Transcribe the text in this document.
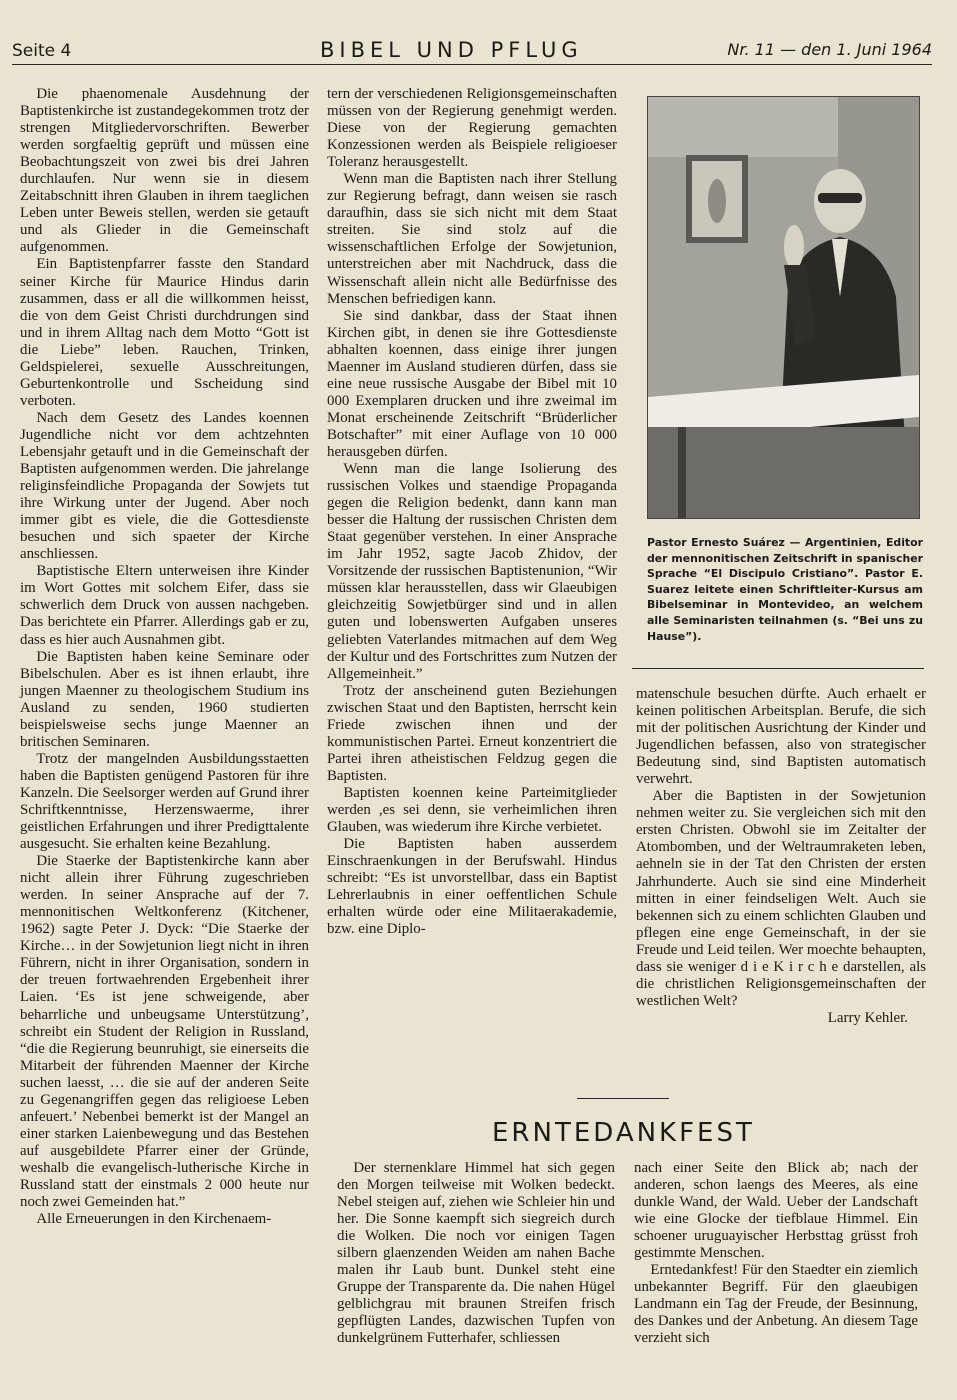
Seite 4	BIBEL UND PFLUG	Nr. 11 — den 1. Juni 1964

Die phaenomenale Ausdehnung der Baptistenkirche ist zustandegekommen trotz der strengen Mitgliedervorschriften. Bewerber werden sorgfaeltig geprüft und müssen eine Beobachtungszeit von zwei bis drei Jahren durchlaufen. Nur wenn sie in diesem Zeitabschnitt ihren Glauben in ihrem taeglichen Leben unter Beweis stellen, werden sie getauft und als Glieder in die Gemeinschaft aufgenommen.

Ein Baptistenpfarrer fasste den Standard seiner Kirche für Maurice Hindus darin zusammen, dass er all die willkommen heisst, die von dem Geist Christi durchdrungen sind und in ihrem Alltag nach dem Motto “Gott ist die Liebe” leben. Rauchen, Trinken, Geldspielerei, sexuelle Ausschreitungen, Geburtenkontrolle und Sscheidung sind verboten.

Nach dem Gesetz des Landes koennen Jugendliche nicht vor dem achtzehnten Lebensjahr getauft und in die Gemeinschaft der Baptisten aufgenommen werden. Die jahrelange religinsfeindliche Propaganda der Sowjets tut ihre Wirkung unter der Jugend. Aber noch immer gibt es viele, die die Gottesdienste besuchen und sich spaeter der Kirche anschliessen.

Baptistische Eltern unterweisen ihre Kinder im Wort Gottes mit solchem Eifer, dass sie schwerlich dem Druck von aussen nachgeben. Das berichtete ein Pfarrer. Allerdings gab er zu, dass es hier auch Ausnahmen gibt.

Die Baptisten haben keine Seminare oder Bibelschulen. Aber es ist ihnen erlaubt, ihre jungen Maenner zu theologischem Studium ins Ausland zu senden, 1960 studierten beispielsweise sechs junge Maenner an britischen Seminaren.

Trotz der mangelnden Ausbildungsstaetten haben die Baptisten genügend Pastoren für ihre Kanzeln. Die Seelsorger werden auf Grund ihrer Schriftkenntnisse, Herzenswaerme, ihrer geistlichen Erfahrungen und ihrer Predigttalente ausgesucht. Sie erhalten keine Bezahlung.

Die Staerke der Baptistenkirche kann aber nicht allein ihrer Führung zugeschrieben werden. In seiner Ansprache auf der 7. mennonitischen Weltkonferenz (Kitchener, 1962) sagte Peter J. Dyck: “Die Staerke der Kirche… in der Sowjetunion liegt nicht in ihren Führern, nicht in ihrer Organisation, sondern in der treuen fortwaehrenden Ergebenheit ihrer Laien. ‘Es ist jene schweigende, aber beharrliche und unbeugsame Unterstützung’, schreibt ein Student der Religion in Russland, “die die Regierung beunruhigt, sie einerseits die Mitarbeit der führenden Maenner der Kirche suchen laesst, … die sie auf der anderen Seite zu Gegenangriffen gegen das religioese Leben anfeuert.’ Nebenbei bemerkt ist der Mangel an einer starken Laienbewegung und das Bestehen auf ausgebildete Pfarrer einer der Gründe, weshalb die evangelisch-lutherische Kirche in Russland statt der einstmals 2 000 heute nur noch zwei Gemeinden hat.”

Alle Erneuerungen in den Kirchenaem-

tern der verschiedenen Religionsgemeinschaften müssen von der Regierung genehmigt werden. Diese von der Regierung gemachten Konzessionen werden als Beispiele religioeser Toleranz herausgestellt.

Wenn man die Baptisten nach ihrer Stellung zur Regierung befragt, dann weisen sie rasch daraufhin, dass sie sich nicht mit dem Staat streiten. Sie sind stolz auf die wissenschaftlichen Erfolge der Sowjetunion, unterstreichen aber mit Nachdruck, dass die Wissenschaft allein nicht alle Bedürfnisse des Menschen befriedigen kann.

Sie sind dankbar, dass der Staat ihnen Kirchen gibt, in denen sie ihre Gottesdienste abhalten koennen, dass einige ihrer jungen Maenner im Ausland studieren dürfen, dass sie eine neue russische Ausgabe der Bibel mit 10 000 Exemplaren drucken und ihre zweimal im Monat erscheinende Zeitschrift “Brüderlicher Botschafter” mit einer Auflage von 10 000 herausgeben dürfen.

Wenn man die lange Isolierung des russischen Volkes und staendige Propaganda gegen die Religion bedenkt, dann kann man besser die Haltung der russischen Christen dem Staat gegenüber verstehen. In einer Ansprache im Jahr 1952, sagte Jacob Zhidov, der Vorsitzende der russischen Baptistenunion, “Wir müssen klar herausstellen, dass wir Glaeubigen gleichzeitig Sowjetbürger sind und in allen guten und lobenswerten Aufgaben unseres geliebten Vaterlandes mitmachen auf dem Weg der Kultur und des Fortschrittes zum Nutzen der Allgemeinheit.”

Trotz der anscheinend guten Beziehungen zwischen Staat und den Baptisten, herrscht kein Friede zwischen ihnen und der kommunistischen Partei. Erneut konzentriert die Partei ihren atheistischen Feldzug gegen die Baptisten.

Baptisten koennen keine Parteimitglieder werden ,es sei denn, sie verheimlichen ihren Glauben, was wiederum ihre Kirche verbietet.

Die Baptisten haben ausserdem Einschraenkungen in der Berufswahl. Hindus schreibt: “Es ist unvorstellbar, dass ein Baptist Lehrerlaubnis in einer oeffentlichen Schule erhalten würde oder eine Militaerakademie, bzw. eine Diplo-

Pastor Ernesto Suárez — Argentinien, Editor der mennonitischen Zeitschrift in spanischer Sprache “El Discipulo Cristiano”. Pastor E. Suarez leitete einen Schriftleiter-Kursus am Bibelseminar in Montevideo, an welchem alle Seminaristen teilnahmen (s. “Bei uns zu Hause”).

matenschule besuchen dürfte. Auch erhaelt er keinen politischen Arbeitsplan. Berufe, die sich mit der politischen Ausrichtung der Kinder und Jugendlichen befassen, also von strategischer Bedeutung sind, sind Baptisten automatisch verwehrt.

Aber die Baptisten in der Sowjetunion nehmen weiter zu. Sie vergleichen sich mit den ersten Christen. Obwohl sie im Zeitalter der Atombomben, und der Weltraumraketen leben, aehneln sie in der Tat den Christen der ersten Jahrhunderte. Auch sie sind eine Minderheit mitten in einer feindseligen Welt. Auch sie bekennen sich zu einem schlichten Glauben und pflegen eine enge Gemeinschaft, in der sie Freude und Leid teilen. Wer moechte behaupten, dass sie weniger d i e K i r c h e darstellen, als die christlichen Religionsgemeinschaften der westlichen Welt?

Larry Kehler.

ERNTEDANKFEST

Der sternenklare Himmel hat sich gegen den Morgen teilweise mit Wolken bedeckt. Nebel steigen auf, ziehen wie Schleier hin und her. Die Sonne kaempft sich siegreich durch die Wolken. Die noch vor einigen Tagen silbern glaenzenden Weiden am nahen Bache malen ihr Laub bunt. Dunkel steht eine Gruppe der Transparente da. Die nahen Hügel gelblichgrau mit braunen Streifen frisch gepflügten Landes, dazwischen Tupfen von dunkelgrünem Futterhafer, schliessen

nach einer Seite den Blick ab; nach der anderen, schon laengs des Meeres, als eine dunkle Wand, der Wald. Ueber der Landschaft wie eine Glocke der tiefblaue Himmel. Ein schoener uruguayischer Herbsttag grüsst froh gestimmte Menschen.

Erntedankfest! Für den Staedter ein ziemlich unbekannter Begriff. Für den glaeubigen Landmann ein Tag der Freude, der Besinnung, des Dankes und der Anbetung. An diesem Tage verzieht sich
